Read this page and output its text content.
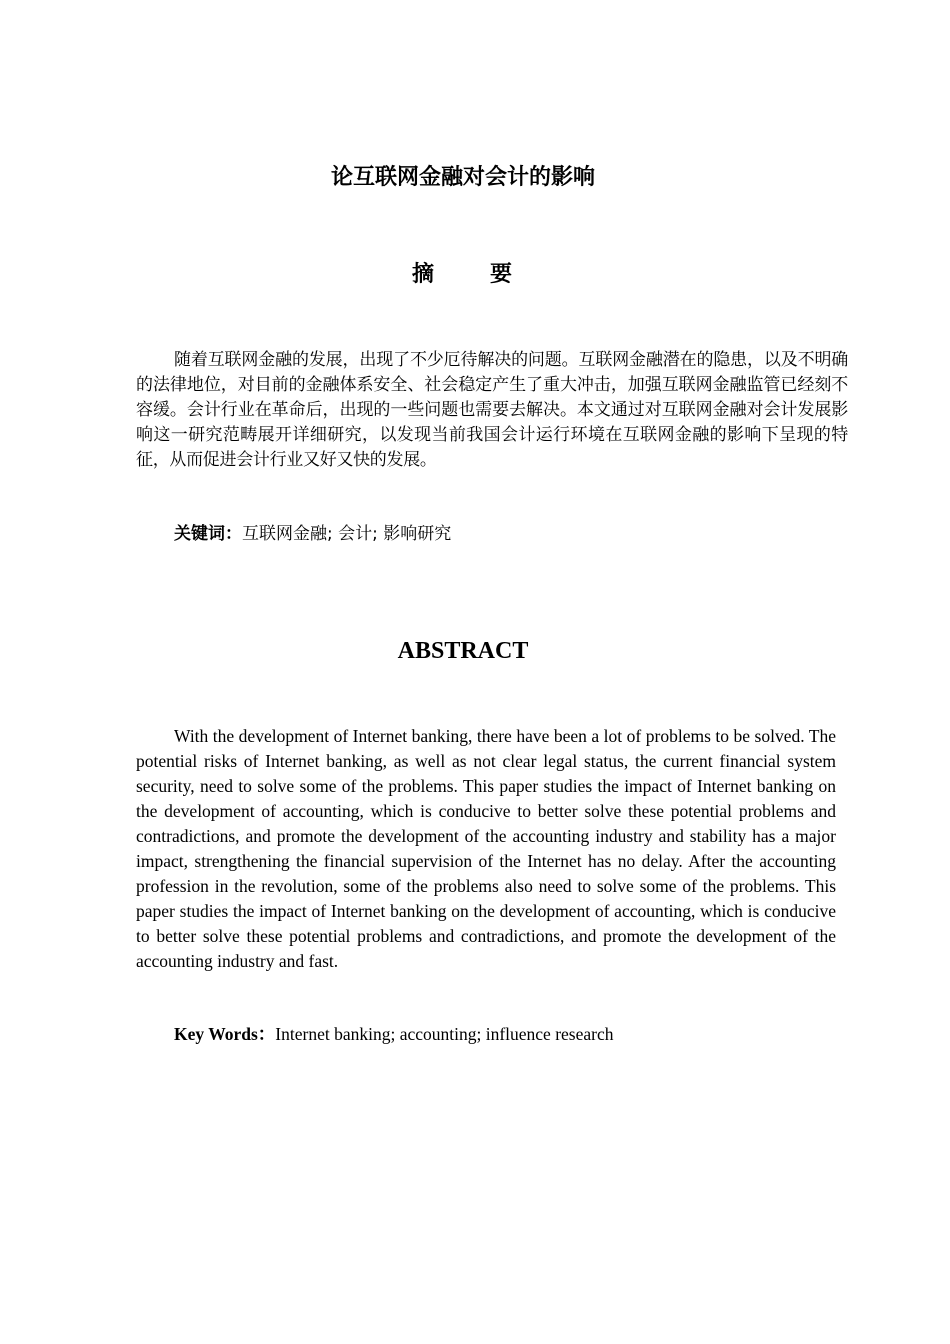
论互联网金融对会计的影响
摘要

随着互联网金融的发展，出现了不少厄待解决的问题。互联网金融潜在的隐患，以及不明确的法律地位，对目前的金融体系安全、社会稳定产生了重大冲击，加强互联网金融监管已经刻不容缓。会计行业在革命后，出现的一些问题也需要去解决。本文通过对互联网金融对会计发展影响这一研究范畴展开详细研究，以发现当前我国会计运行环境在互联网金融的影响下呈现的特征，从而促进会计行业又好又快的发展。

关键词：互联网金融; 会计; 影响研究

ABSTRACT

With the development of Internet banking, there have been a lot of problems to be solved. The potential risks of Internet banking, as well as not clear legal status, the current financial system security, need to solve some of the problems. This paper studies the impact of Internet banking on the development of accounting, which is conducive to better solve these potential problems and contradictions, and promote the development of the accounting industry and stability has a major impact, strengthening the financial supervision of the Internet has no delay. After the accounting profession in the revolution, some of the problems also need to solve some of the problems. This paper studies the impact of Internet banking on the development of accounting, which is conducive to better solve these potential problems and contradictions, and promote the development of the accounting industry and fast.

Key Words：Internet banking; accounting; influence research
